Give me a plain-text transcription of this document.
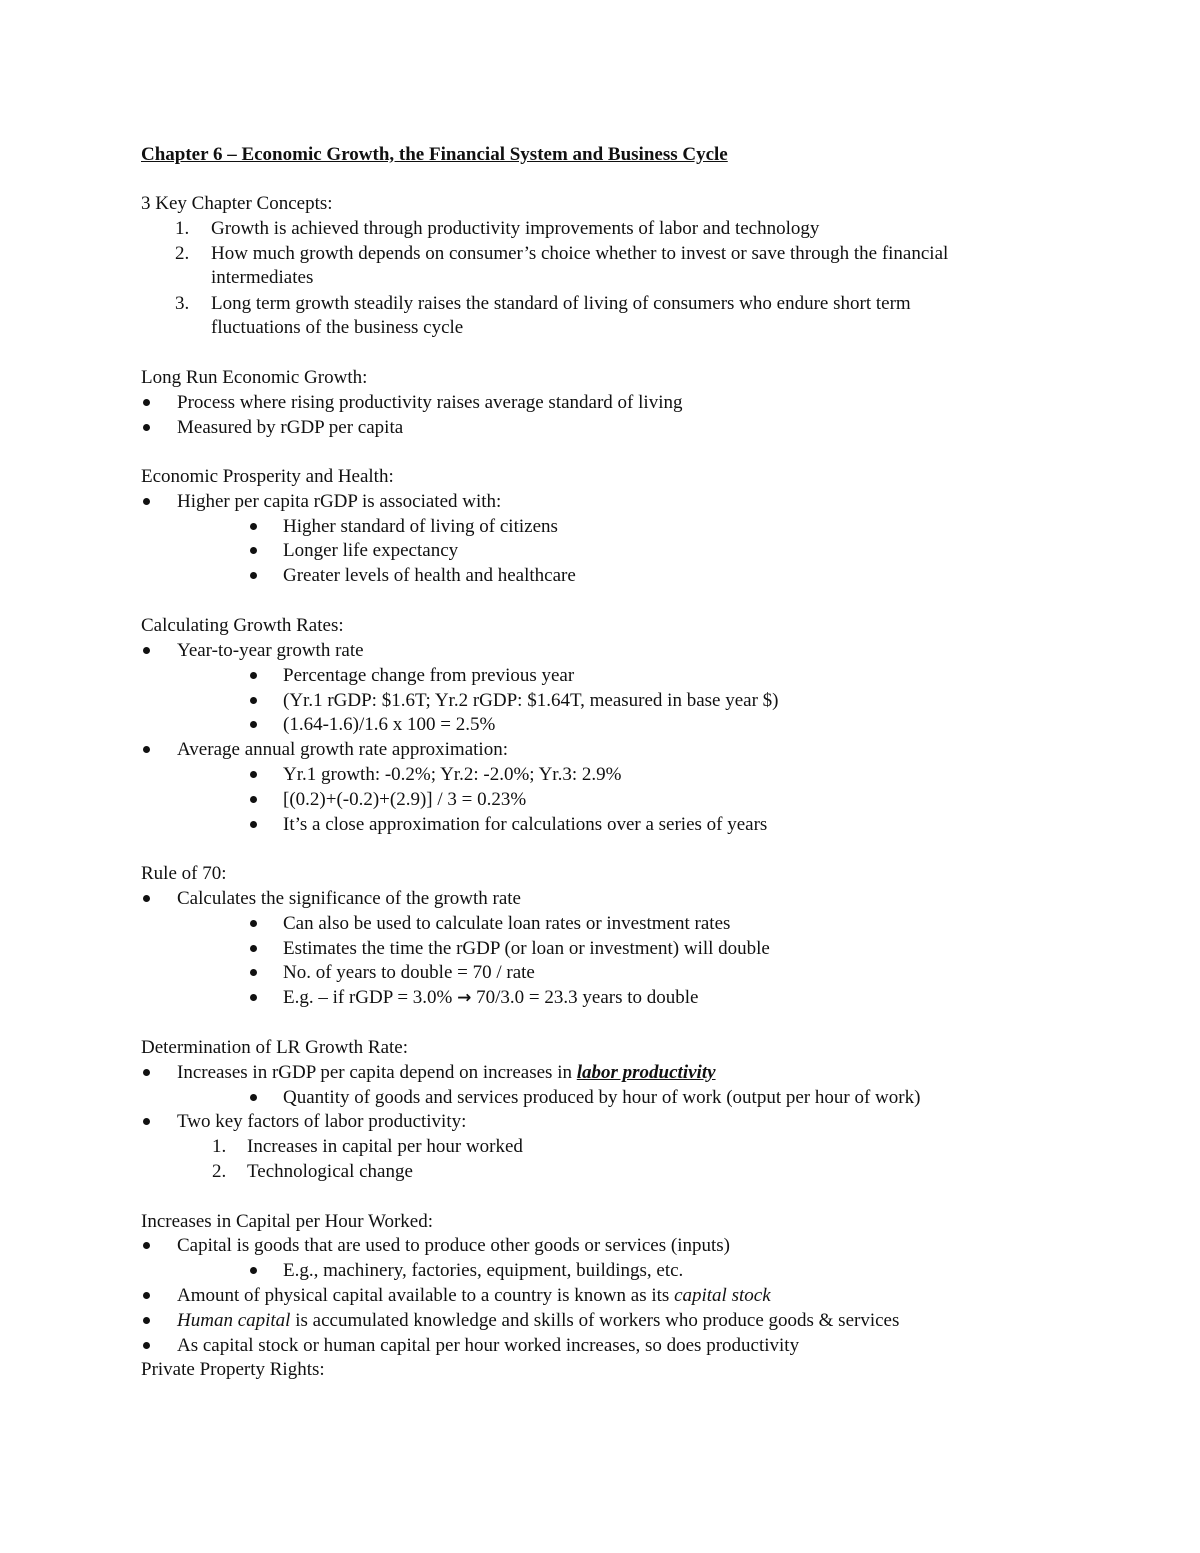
Chapter 6 – Economic Growth, the Financial System and Business Cycle
3 Key Chapter Concepts:
1. Growth is achieved through productivity improvements of labor and technology
2. How much growth depends on consumer’s choice whether to invest or save through the financial
intermediates
3. Long term growth steadily raises the standard of living of consumers who endure short term
fluctuations of the business cycle
Long Run Economic Growth:
Process where rising productivity raises average standard of living
Measured by rGDP per capita
Economic Prosperity and Health:
Higher per capita rGDP is associated with:
Higher standard of living of citizens
Longer life expectancy
Greater levels of health and healthcare
Calculating Growth Rates:
Year-to-year growth rate
Percentage change from previous year
(Yr.1 rGDP: $1.6T; Yr.2 rGDP: $1.64T, measured in base year $)
(1.64-1.6)/1.6 x 100 = 2.5%
Average annual growth rate approximation:
Yr.1 growth: -0.2%; Yr.2: -2.0%; Yr.3: 2.9%
[(0.2)+(-0.2)+(2.9)] / 3 = 0.23%
It’s a close approximation for calculations over a series of years
Rule of 70:
Calculates the significance of the growth rate
Can also be used to calculate loan rates or investment rates
Estimates the time the rGDP (or loan or investment) will double
No. of years to double = 70 / rate
E.g. – if rGDP = 3.0% → 70/3.0 = 23.3 years to double
Determination of LR Growth Rate:
Increases in rGDP per capita depend on increases in labor productivity
Quantity of goods and services produced by hour of work (output per hour of work)
Two key factors of labor productivity:
1. Increases in capital per hour worked
2. Technological change
Increases in Capital per Hour Worked:
Capital is goods that are used to produce other goods or services (inputs)
E.g., machinery, factories, equipment, buildings, etc.
Amount of physical capital available to a country is known as its capital stock
Human capital is accumulated knowledge and skills of workers who produce goods & services
As capital stock or human capital per hour worked increases, so does productivity
Private Property Rights:
